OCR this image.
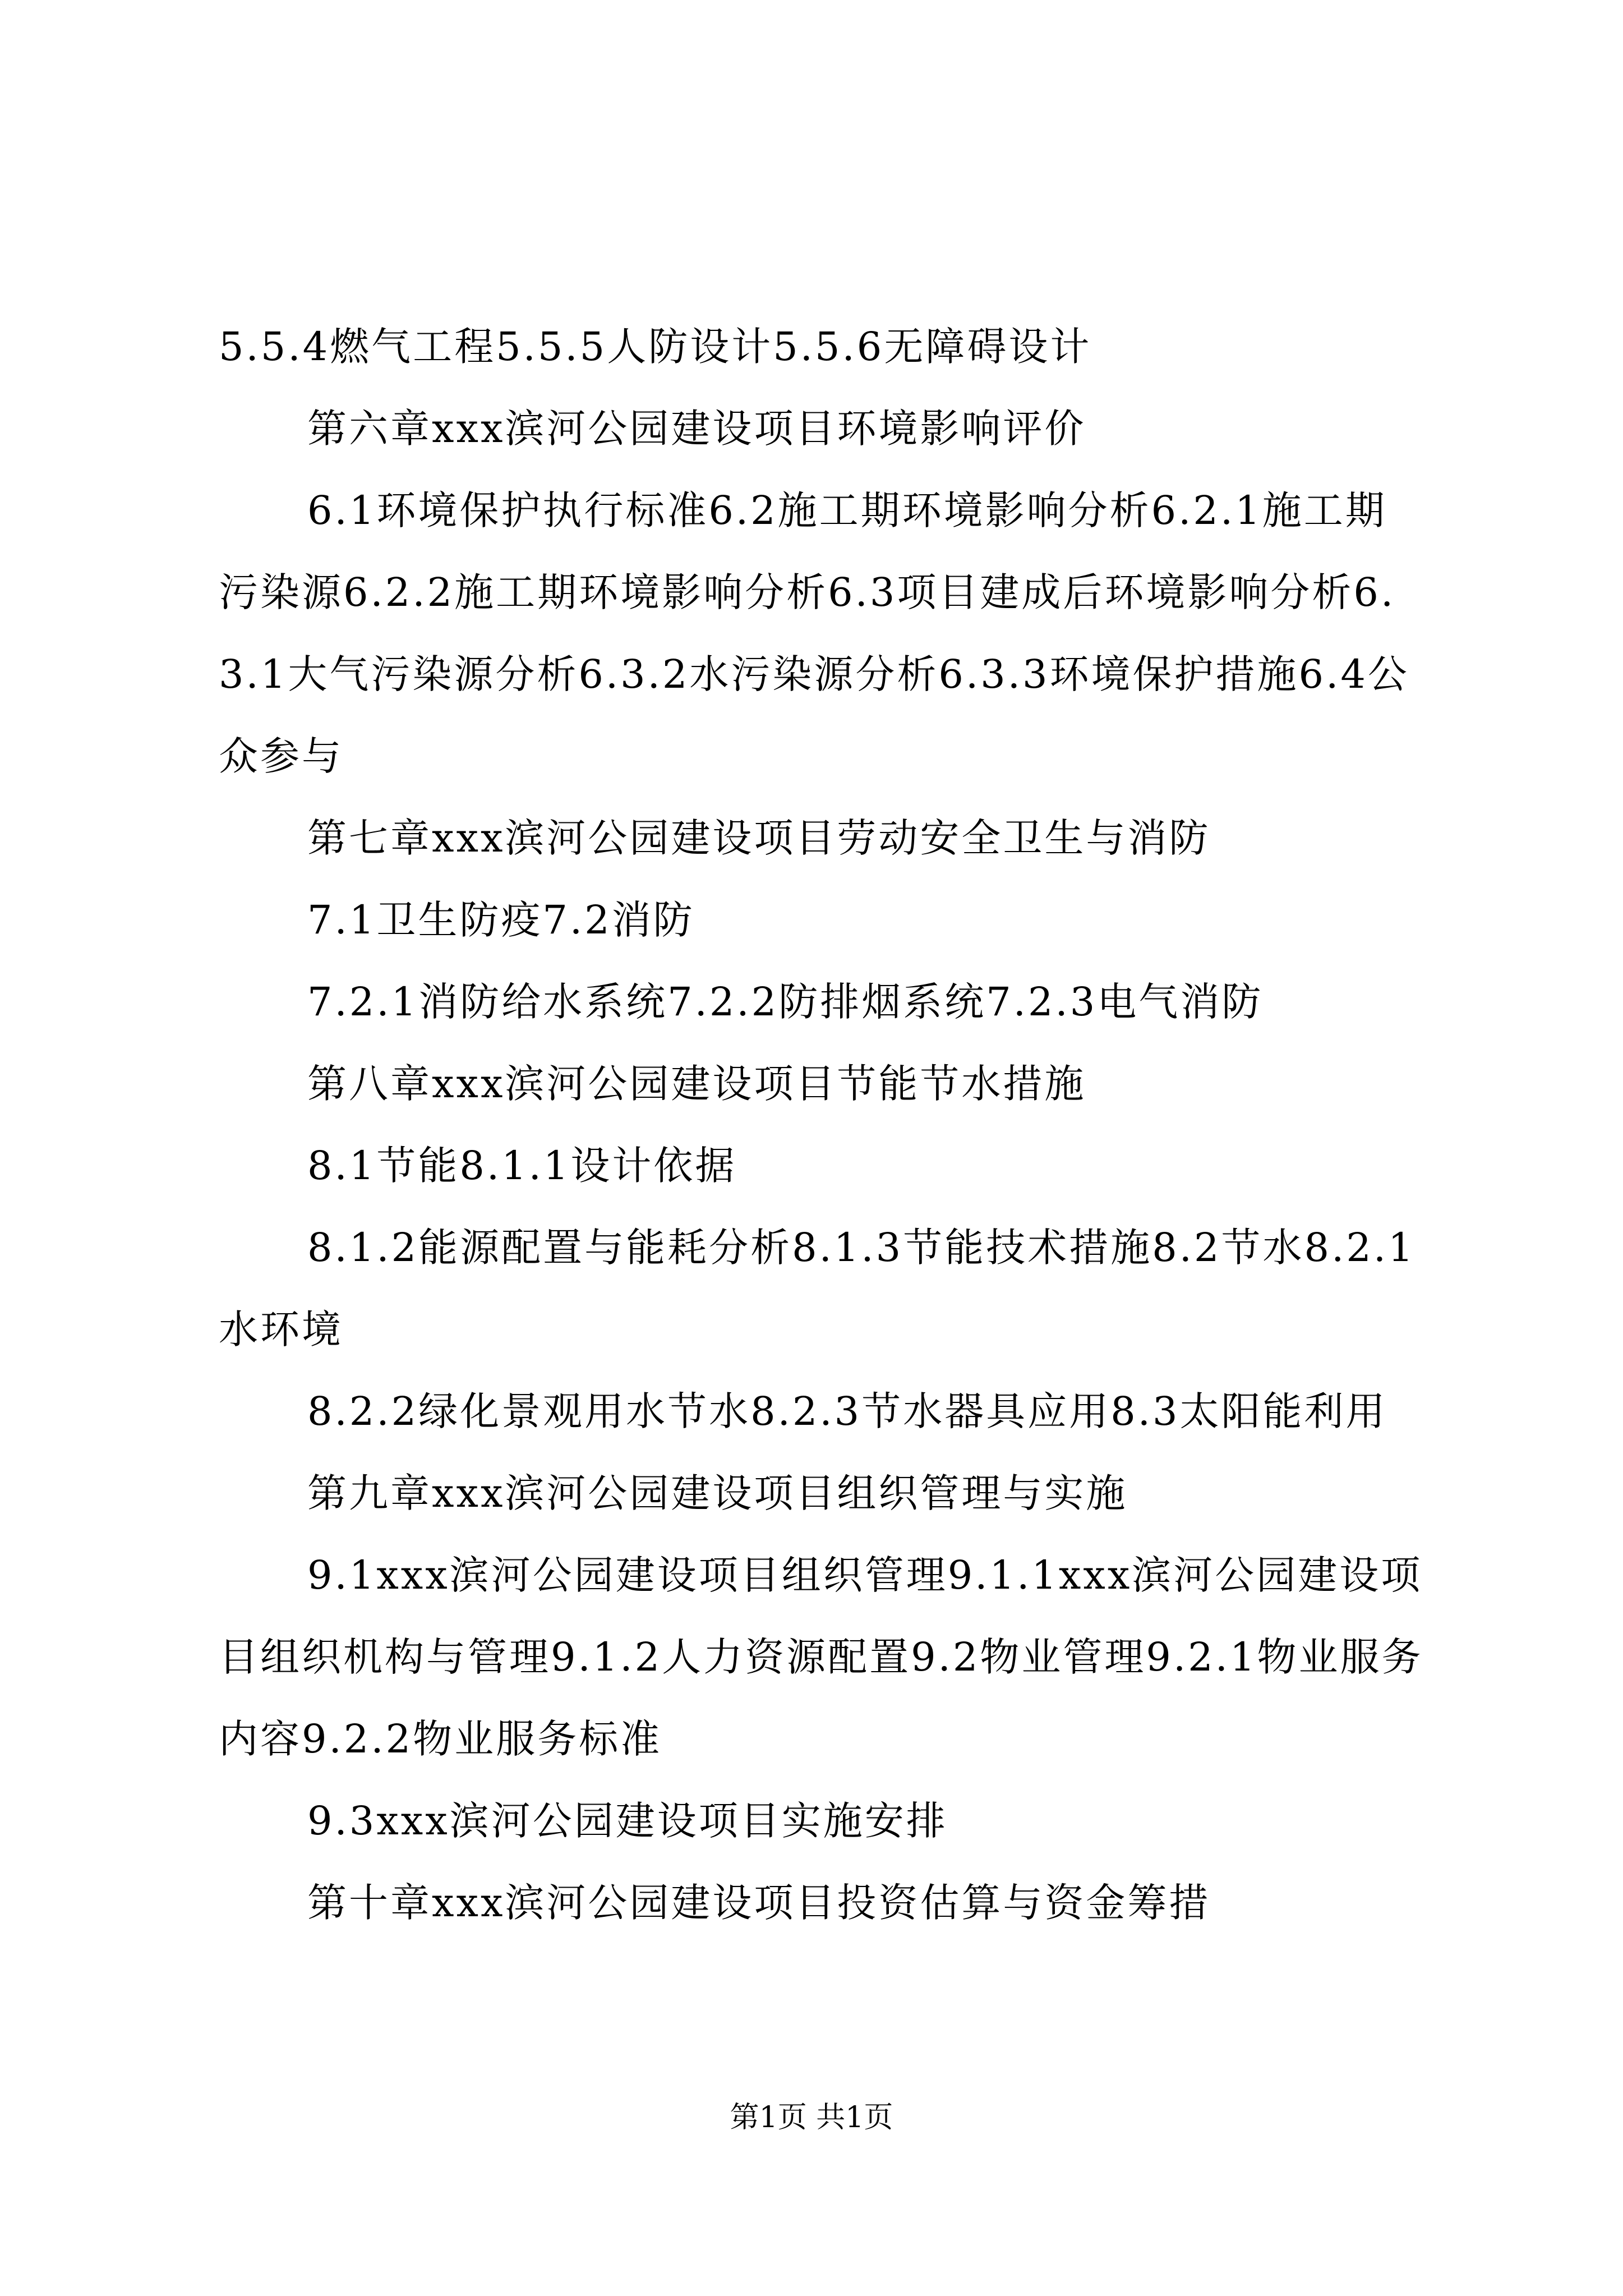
5.5.4燃气工程5.5.5人防设计5.5.6无障碍设计

第六章xxx滨河公园建设项目环境影响评价

6.1环境保护执行标准6.2施工期环境影响分析6.2.1施工期污染源6.2.2施工期环境影响分析6.3项目建成后环境影响分析6.3.1大气污染源分析6.3.2水污染源分析6.3.3环境保护措施6.4公众参与

第七章xxx滨河公园建设项目劳动安全卫生与消防

7.1卫生防疫7.2消防

7.2.1消防给水系统7.2.2防排烟系统7.2.3电气消防

第八章xxx滨河公园建设项目节能节水措施

8.1节能8.1.1设计依据

8.1.2能源配置与能耗分析8.1.3节能技术措施8.2节水8.2.1水环境

8.2.2绿化景观用水节水8.2.3节水器具应用8.3太阳能利用

第九章xxx滨河公园建设项目组织管理与实施

9.1xxx滨河公园建设项目组织管理9.1.1xxx滨河公园建设项目组织机构与管理9.1.2人力资源配置9.2物业管理9.2.1物业服务内容9.2.2物业服务标准

9.3xxx滨河公园建设项目实施安排

第十章xxx滨河公园建设项目投资估算与资金筹措

第1页 共1页
